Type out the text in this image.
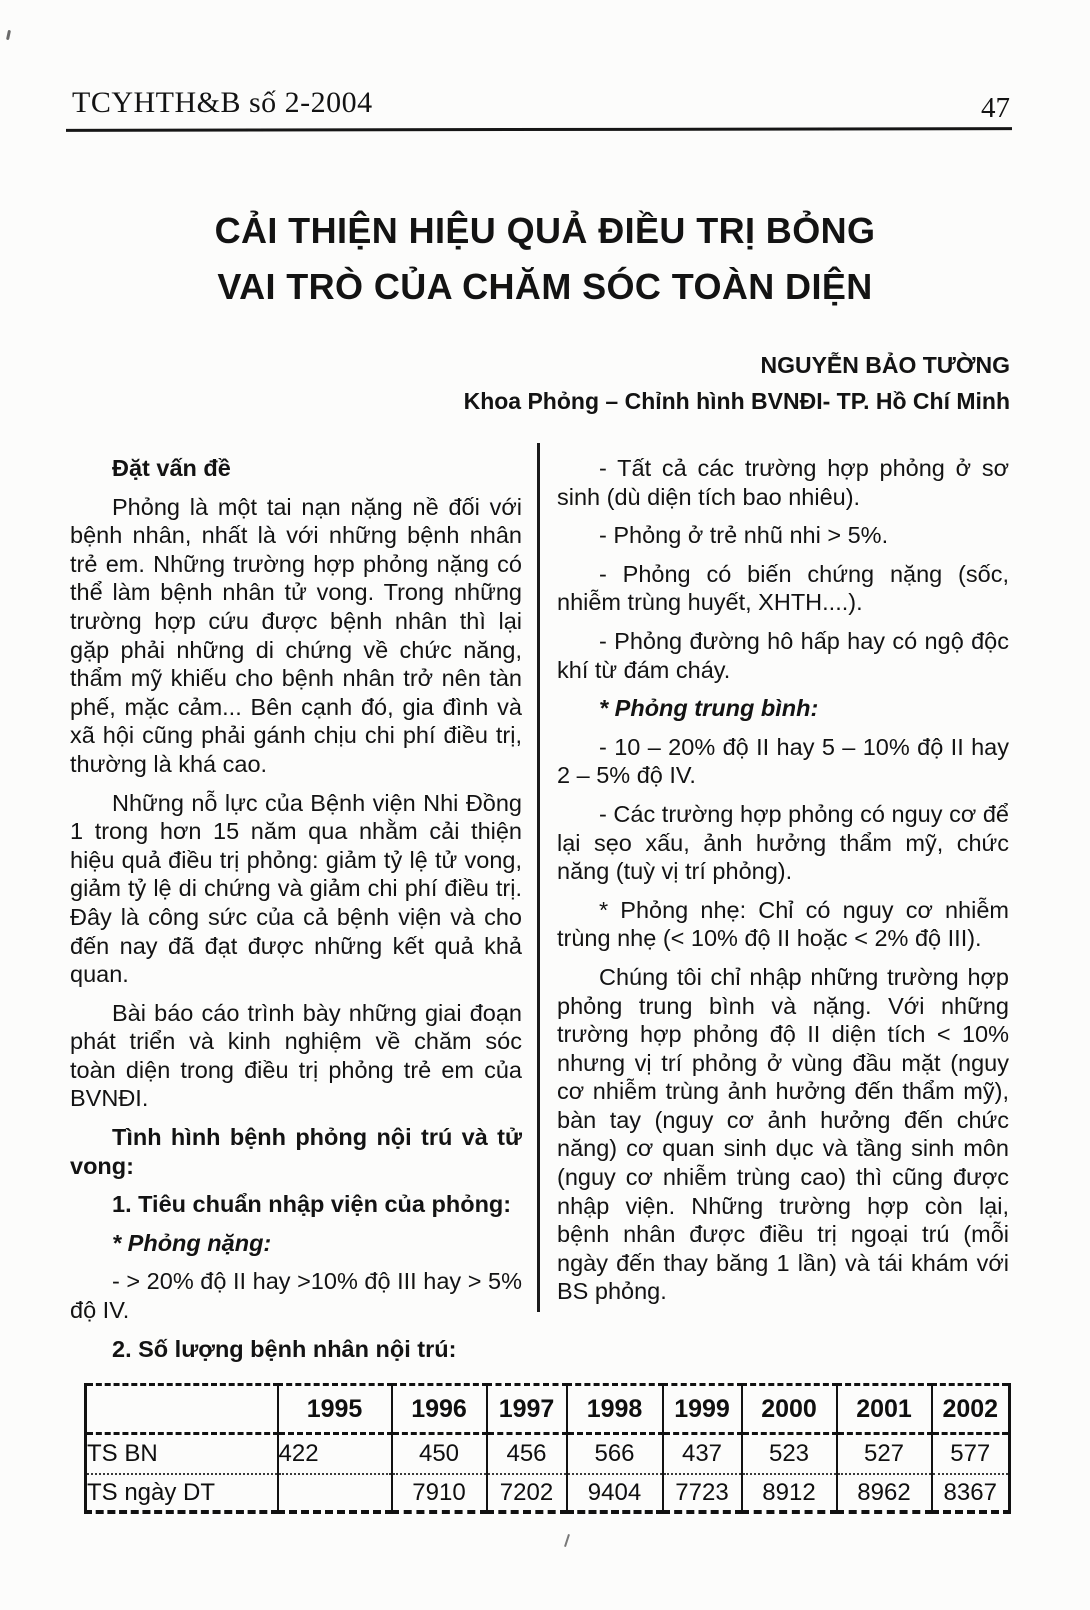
TCYHTH&B số 2-2004	47
CẢI THIỆN HIỆU QUẢ ĐIỀU TRỊ BỎNG
VAI TRÒ CỦA CHĂM SÓC TOÀN DIỆN
NGUYỄN BẢO TƯỜNG
Khoa Phỏng – Chỉnh hình BVNĐI- TP. Hồ Chí Minh

Đặt vấn đề

Phỏng là một tai nạn nặng nề đối với bệnh nhân, nhất là với những bệnh nhân trẻ em. Những trường hợp phỏng nặng có thể làm bệnh nhân tử vong. Trong những trường hợp cứu được bệnh nhân thì lại gặp phải những di chứng về chức năng, thẩm mỹ khiếu cho bệnh nhân trở nên tàn phế, mặc cảm... Bên cạnh đó, gia đình và xã hội cũng phải gánh chịu chi phí điều trị, thường là khá cao.

Những nỗ lực của Bệnh viện Nhi Đồng 1 trong hơn 15 năm qua nhằm cải thiện hiệu quả điều trị phỏng: giảm tỷ lệ tử vong, giảm tỷ lệ di chứng và giảm chi phí điều trị. Đây là công sức của cả bệnh viện và cho đến nay đã đạt được những kết quả khả quan.

Bài báo cáo trình bày những giai đoạn phát triển và kinh nghiệm về chăm sóc toàn diện trong điều trị phỏng trẻ em của BVNĐI.

Tình hình bệnh phỏng nội trú và tử vong:

1. Tiêu chuẩn nhập viện của phỏng:

* Phỏng nặng:

- > 20% độ II hay >10% độ III hay > 5% độ IV.

2. Số lượng bệnh nhân nội trú:

- Tất cả các trường hợp phỏng ở sơ sinh (dù diện tích bao nhiêu).

- Phỏng ở trẻ nhũ nhi > 5%.

- Phỏng có biến chứng nặng (sốc, nhiễm trùng huyết, XHTH....).

- Phỏng đường hô hấp hay có ngộ độc khí từ đám cháy.

* Phỏng trung bình:

- 10 – 20% độ II hay 5 – 10% độ II hay 2 – 5% độ IV.

- Các trường hợp phỏng có nguy cơ để lại sẹo xấu, ảnh hưởng thẩm mỹ, chức năng (tuỳ vị trí phỏng).

* Phỏng nhẹ: Chỉ có nguy cơ nhiễm trùng nhẹ (< 10% độ II hoặc < 2% độ III).

Chúng tôi chỉ nhập những trường hợp phỏng trung bình và nặng. Với những trường hợp phỏng độ II diện tích < 10% nhưng vị trí phỏng ở vùng đầu mặt (nguy cơ nhiễm trùng ảnh hưởng đến thẩm mỹ), bàn tay (nguy cơ ảnh hưởng đến chức năng) cơ quan sinh dục và tầng sinh môn (nguy cơ nhiễm trùng cao) thì cũng được nhập viện. Những trường hợp còn lại, bệnh nhân được điều trị ngoại trú (mỗi ngày đến thay băng 1 lần) và tái khám với BS phỏng.

	1995	1996	1997	1998	1999	2000	2001	2002
TS BN	422	450	456	566	437	523	527	577
TS ngày DT		7910	7202	9404	7723	8912	8962	8367
